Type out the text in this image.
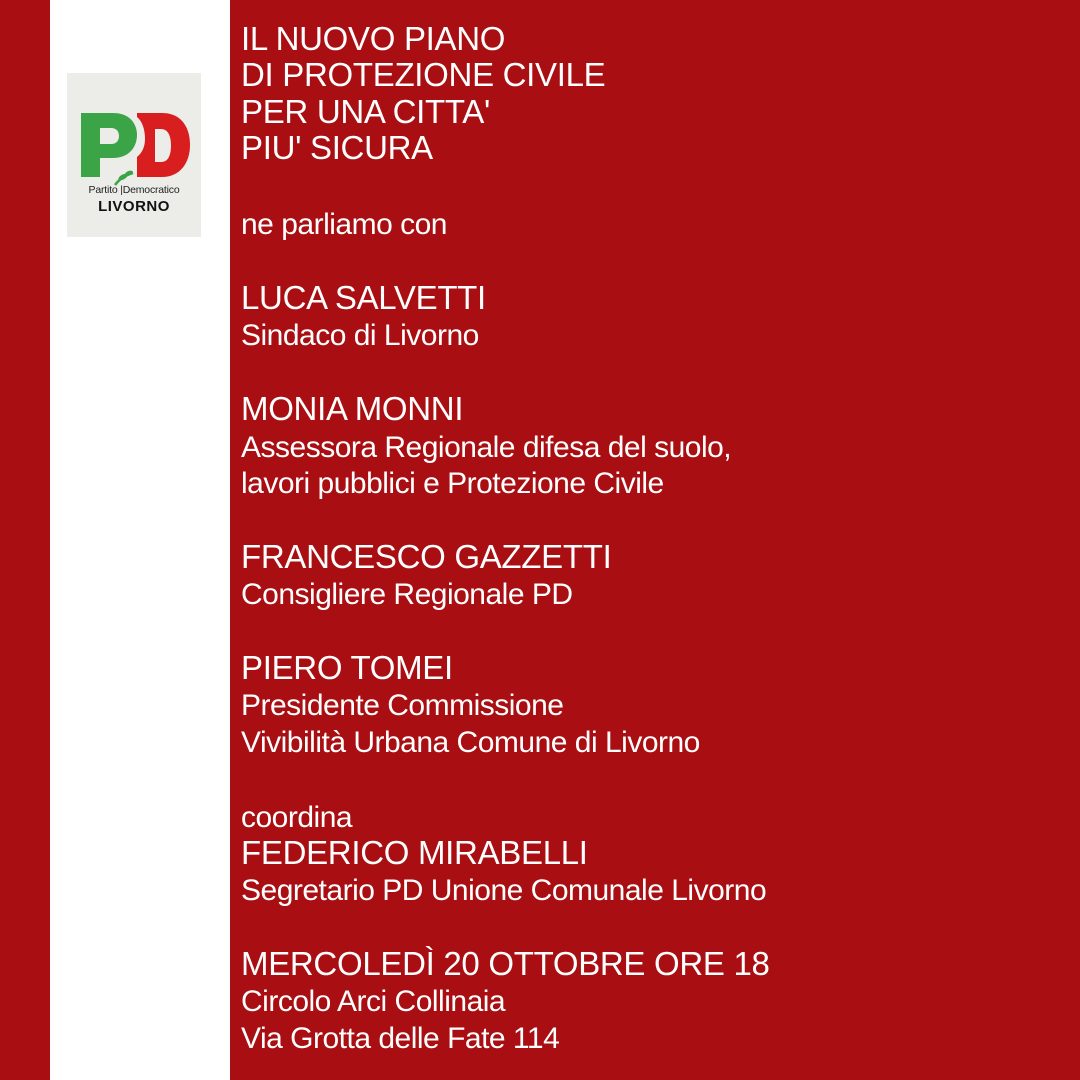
Partito |Democratico
LIVORNO
IL NUOVO PIANO
DI PROTEZIONE CIVILE
PER UNA CITTA'
PIU' SICURA
ne parliamo con
LUCA SALVETTI
Sindaco di Livorno
MONIA MONNI
Assessora Regionale difesa del suolo,
lavori pubblici e Protezione Civile
FRANCESCO GAZZETTI
Consigliere Regionale PD
PIERO TOMEI
Presidente Commissione
Vivibilità Urbana Comune di Livorno
coordina
FEDERICO MIRABELLI
Segretario PD Unione Comunale Livorno
MERCOLEDÌ 20 OTTOBRE ORE 18
Circolo Arci Collinaia
Via Grotta delle Fate 114
